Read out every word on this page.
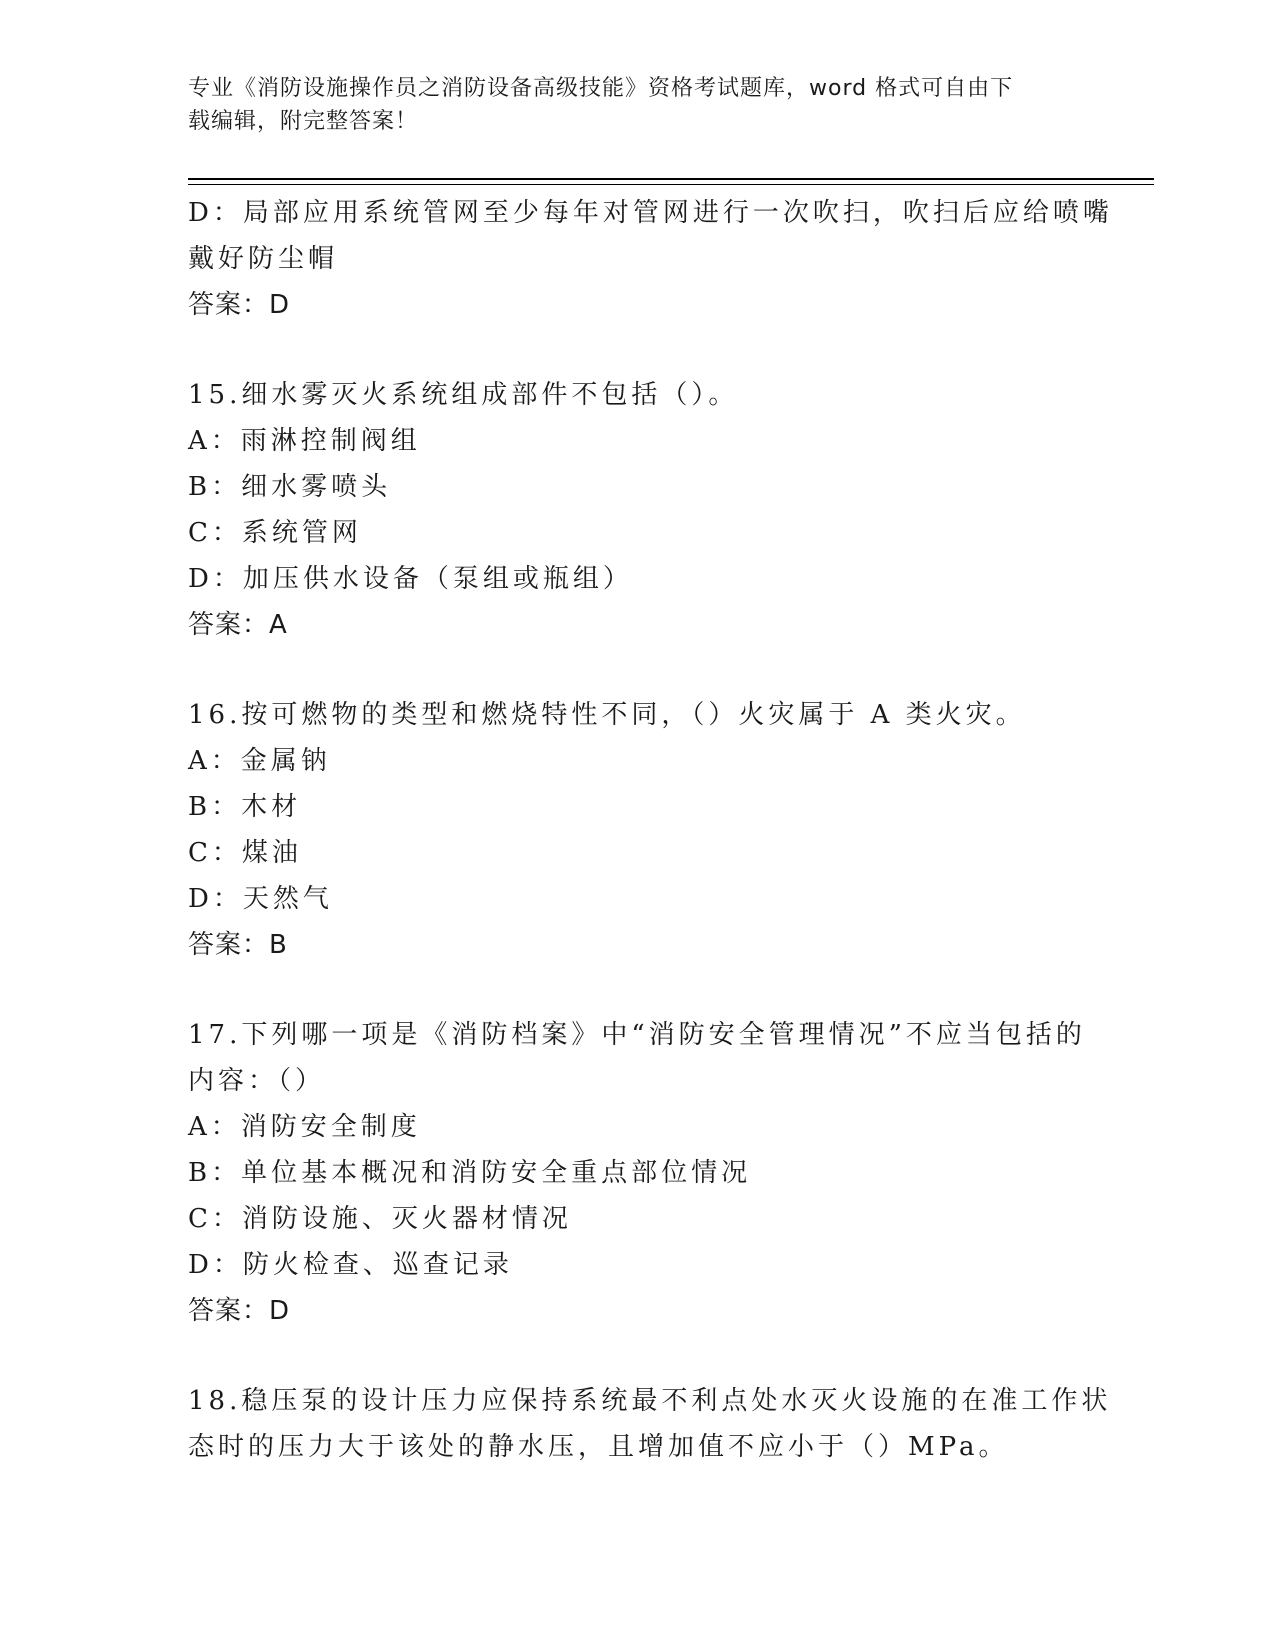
专业《消防设施操作员之消防设备高级技能》资格考试题库，word 格式可自由下
载编辑，附完整答案！
D：局部应用系统管网至少每年对管网进行一次吹扫，吹扫后应给喷嘴
戴好防尘帽
答案：D
15.细水雾灭火系统组成部件不包括（）。
A：雨淋控制阀组
B：细水雾喷头
C：系统管网
D：加压供水设备（泵组或瓶组）
答案：A
16.按可燃物的类型和燃烧特性不同，（）火灾属于 A 类火灾。
A：金属钠
B：木材
C：煤油
D：天然气
答案：B
17.下列哪一项是《消防档案》中“消防安全管理情况”不应当包括的
内容：（）
A：消防安全制度
B：单位基本概况和消防安全重点部位情况
C：消防设施、灭火器材情况
D：防火检查、巡查记录
答案：D
18.稳压泵的设计压力应保持系统最不利点处水灭火设施的在准工作状
态时的压力大于该处的静水压，且增加值不应小于（）MPa。
